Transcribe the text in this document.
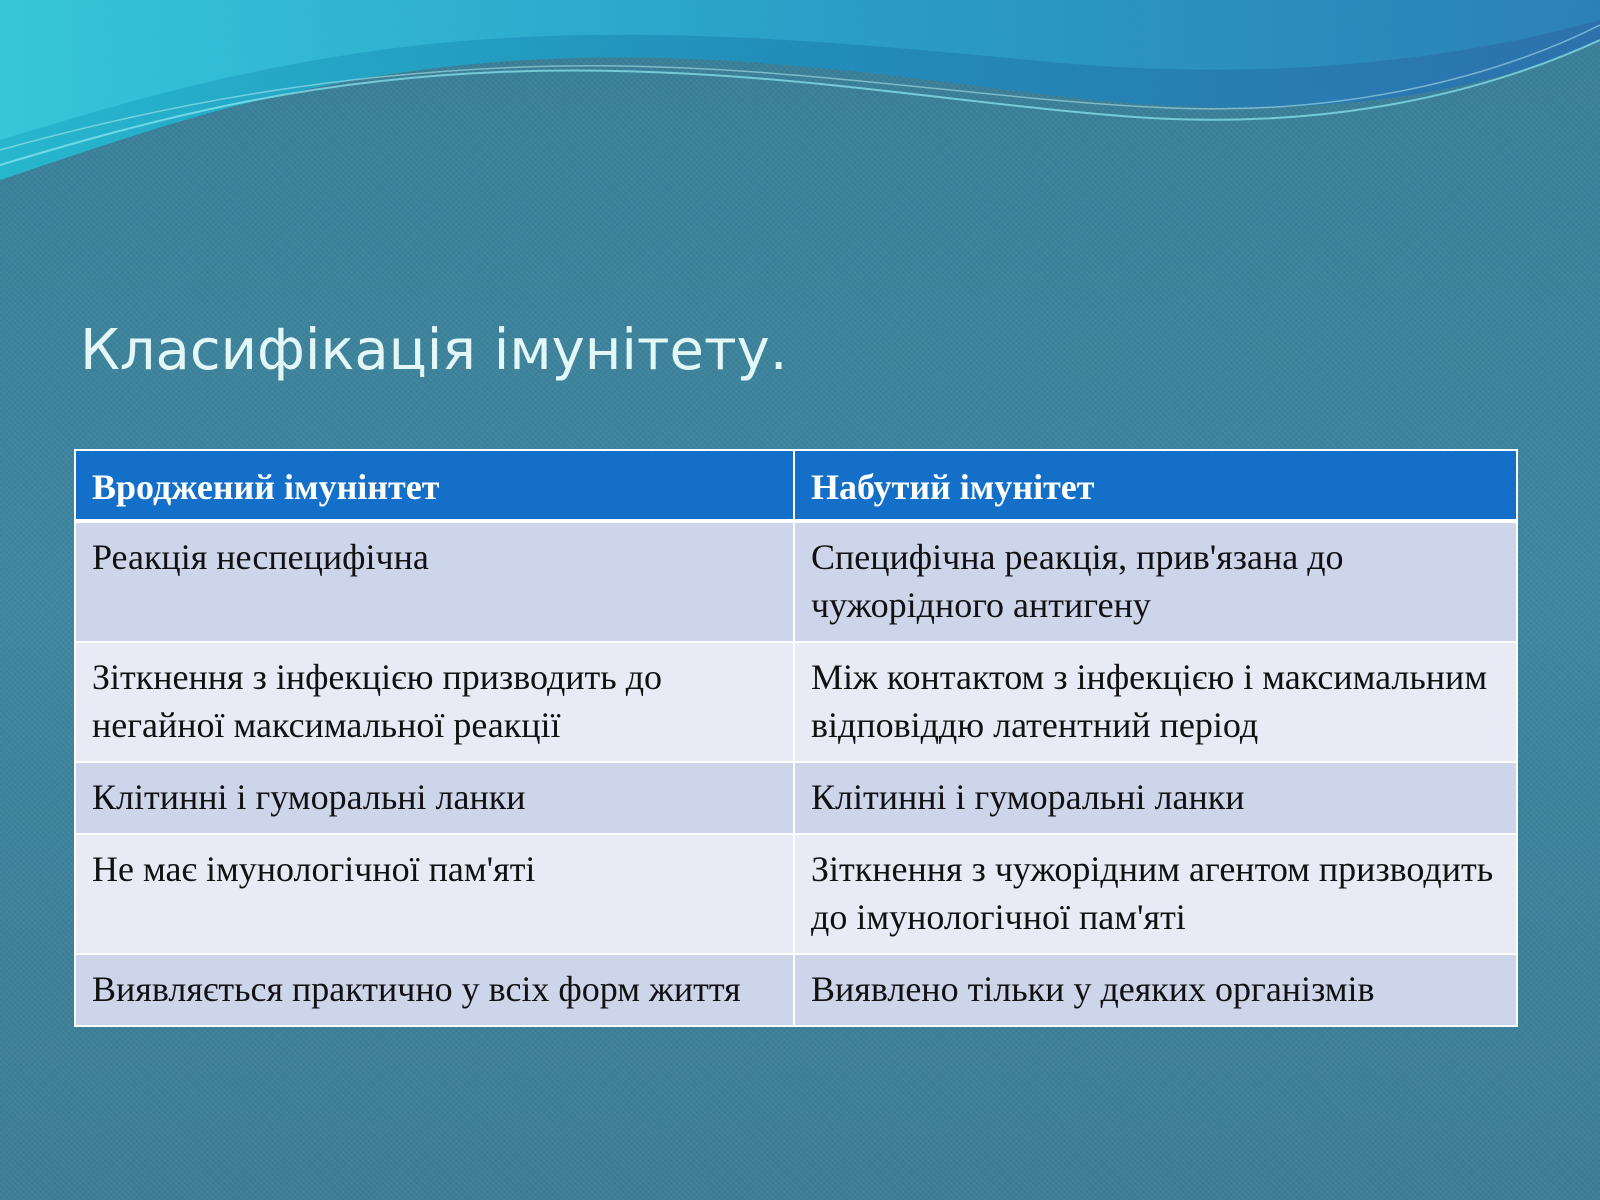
Класифікація імунітету.
Вроджений імунінтет	Набутий імунітет
Реакція неспецифічна	Специфічна реакція, прив'язана до чужорідного антигену
Зіткнення з інфекцією призводить до негайної максимальної реакції	Між контактом з інфекцією і максимальним відповіддю латентний період
Клітинні і гуморальні ланки	Клітинні і гуморальні ланки
Не має імунологічної пам'яті	Зіткнення з чужорідним агентом призводить до імунологічної пам'яті
Виявляється практично у всіх форм життя	Виявлено тільки у деяких організмів
